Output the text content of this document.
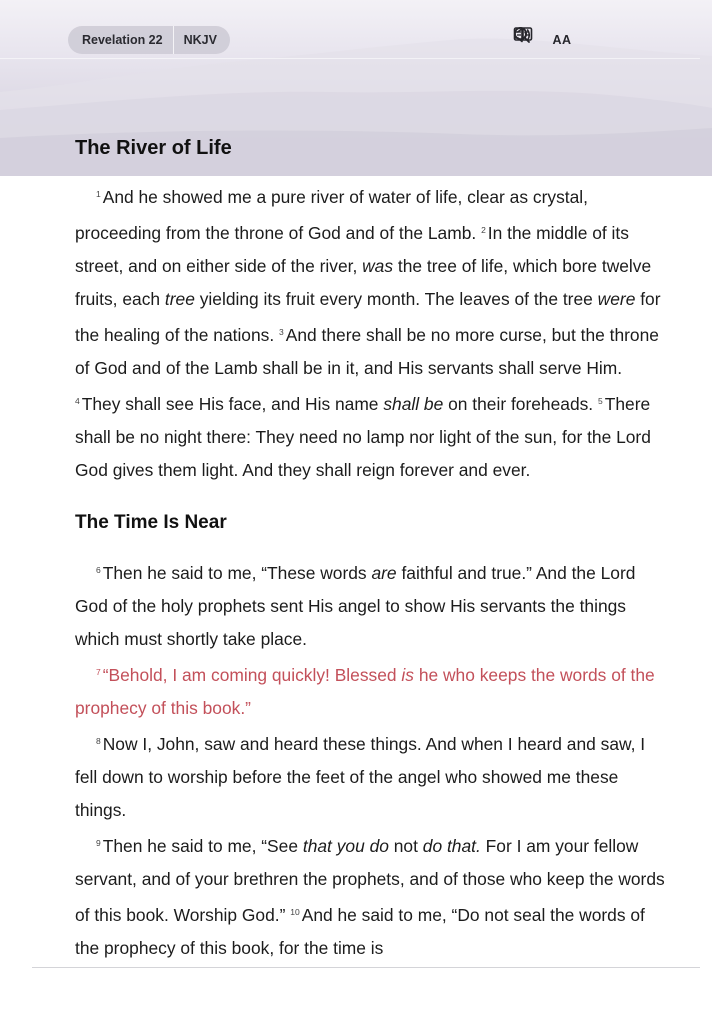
Revelation 22	NKJV	AA
The River of Life

$^1$ And he showed me a pure river of water of life, clear as crystal, proceeding from the throne of God and of the Lamb. $^2$ In the middle of its street, and on either side of the river, was the tree of life, which bore twelve fruits, each tree yielding its fruit every month. The leaves of the tree were for the healing of the nations. $^3$ And there shall be no more curse, but the throne of God and of the Lamb shall be in it, and His servants shall serve Him. $^4$ They shall see His face, and His name shall be on their foreheads. $^5$ There shall be no night there: They need no lamp nor light of the sun, for the Lord God gives them light. And they shall reign forever and ever.

The Time Is Near

$^6$ Then he said to me, “These words are faithful and true.” And the Lord God of the holy prophets sent His angel to show His servants the things which must shortly take place.

$^7$ “Behold, I am coming quickly! Blessed is he who keeps the words of the prophecy of this book.”

$^8$ Now I, John, saw and heard these things. And when I heard and saw, I fell down to worship before the feet of the angel who showed me these things.

$^9$ Then he said to me, “See that you do not do that. For I am your fellow servant, and of your brethren the prophets, and of those who keep the words of this book. Worship God.” $^{10}$ And he said to me, “Do not seal the words of the prophecy of this book, for the time is
